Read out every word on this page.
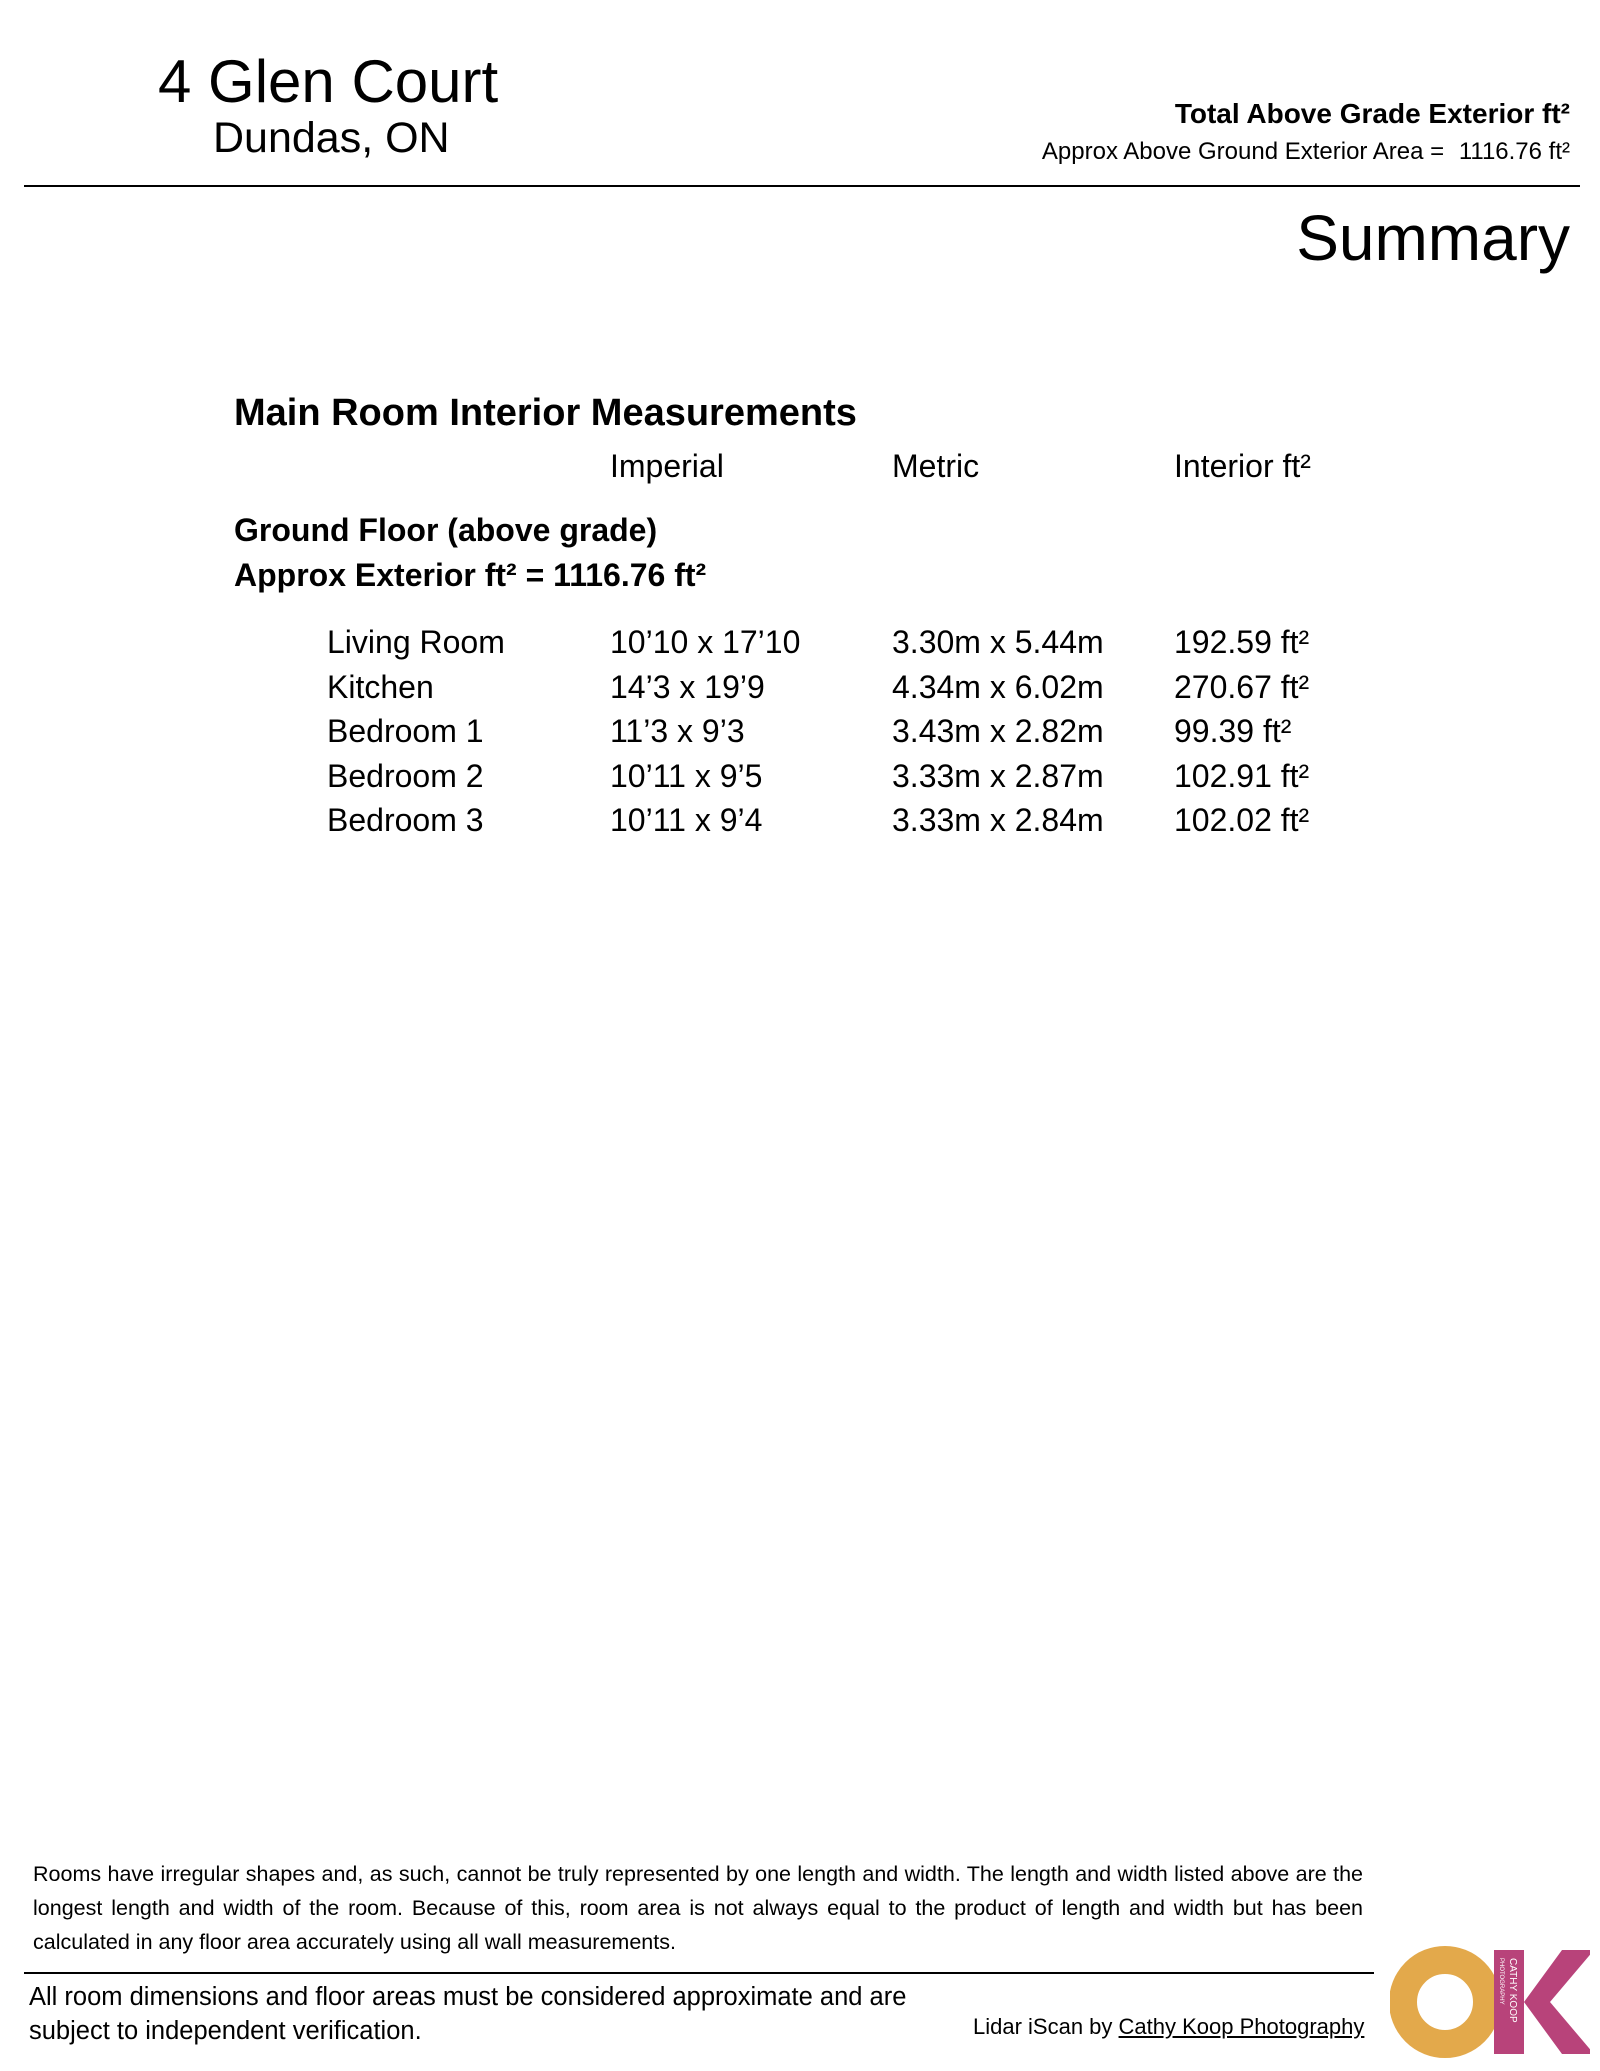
4 Glen Court
Dundas, ON
Total Above Grade Exterior ft²
Approx Above Ground Exterior Area = 1116.76 ft²
Summary
Main Room Interior Measurements
Imperial	Metric	Interior ft²
Ground Floor (above grade)
Approx Exterior ft² = 1116.76 ft²
Living Room	10’10 x 17’10	3.30m x 5.44m 192.59 ft²
Kitchen	14’3 x 19’9	4.34m x 6.02m 270.67 ft²
Bedroom 1	11’3 x 9’3	3.43m x 2.82m 99.39 ft²
Bedroom 2	10’11 x 9’5	3.33m x 2.87m 102.91 ft²
Bedroom 3	10’11 x 9’4	3.33m x 2.84m 102.02 ft²
Rooms have irregular shapes and, as such, cannot be truly represented by one length and width. The length and width listed above are the longest length and width of the room. Because of this, room area is not always equal to the product of length and width but has been calculated in any floor area accurately using all wall measurements.
All room dimensions and floor areas must be considered approximate and are subject to independent verification.	Lidar iScan by Cathy Koop Photography
CATHY KOOP
PHOTOGRAPHY
